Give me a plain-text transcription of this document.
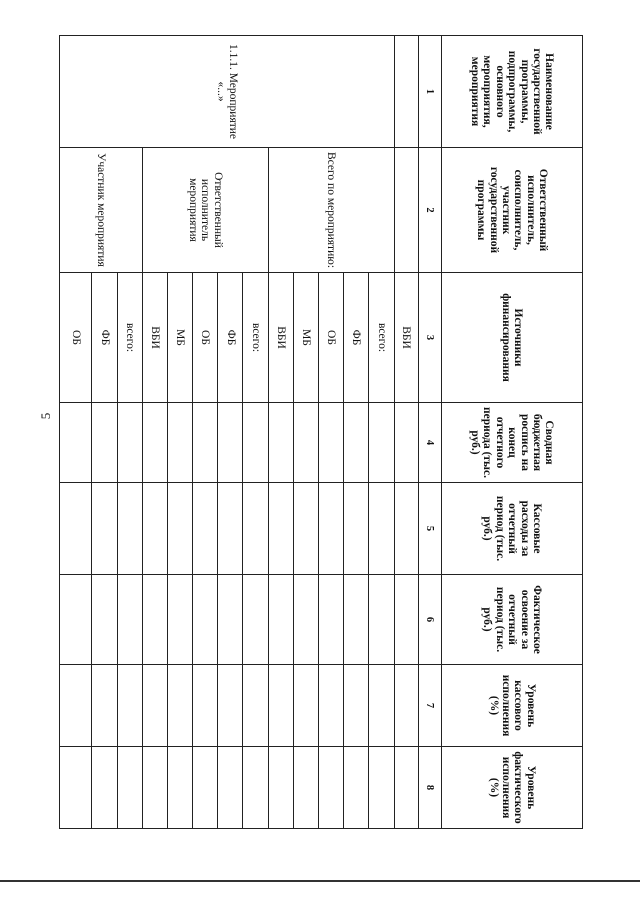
5
Наименование государственной программы, подпрограммы, основного мероприятия, мероприятия	Ответственный исполнитель, соисполнитель, участник государственной программы	Источники финансирования	Сводная бюджетная роспись на конец отчетного периода (тыс. руб.)	Кассовые расходы за отчетный период (тыс. руб.)	Фактическое освоение за отчетный период (тыс. руб.)	Уровень кассового исполнения (%)	Уровень фактического исполнения (%)
1	2	3	4	5	6	7	8
		ВБИ					
1.1.1. Мероприятие «...»	Всего по мероприятию:	всего:					
		ФБ					
		ОБ					
		МБ					
		ВБИ					
	Ответственный исполнитель мероприятия	всего:					
		ФБ					
		ОБ					
		МБ					
		ВБИ					
	Участник мероприятия	всего:					
		ФБ					
		ОБ					
